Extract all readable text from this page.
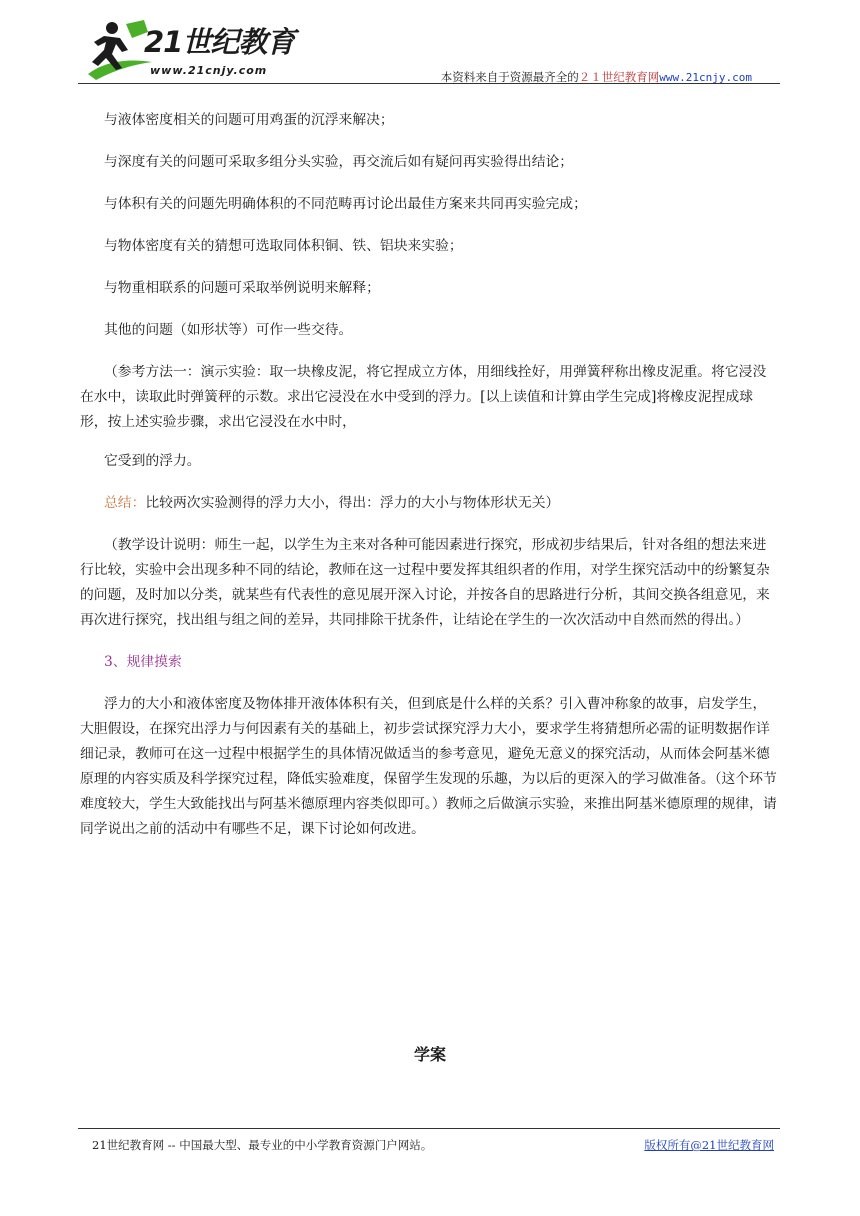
21世纪教育
www.21cnjy.com	本资料来自于资源最齐全的２１世纪教育网www.21cnjy.com

与液体密度相关的问题可用鸡蛋的沉浮来解决；

与深度有关的问题可采取多组分头实验，再交流后如有疑问再实验得出结论；

与体积有关的问题先明确体积的不同范畴再讨论出最佳方案来共同再实验完成；

与物体密度有关的猜想可选取同体积铜、铁、铝块来实验；

与物重相联系的问题可采取举例说明来解释；

其他的问题（如形状等）可作一些交待。

（参考方法一：演示实验：取一块橡皮泥，将它捏成立方体，用细线拴好，用弹簧秤称出橡皮泥重。将它浸没在水中，读取此时弹簧秤的示数。求出它浸没在水中受到的浮力。[以上读值和计算由学生完成]将橡皮泥捏成球形，按上述实验步骤，求出它浸没在水中时，

它受到的浮力。

总结：比较两次实验测得的浮力大小，得出：浮力的大小与物体形状无关）

（教学设计说明：师生一起，以学生为主来对各种可能因素进行探究，形成初步结果后，针对各组的想法来进行比较，实验中会出现多种不同的结论，教师在这一过程中要发挥其组织者的作用，对学生探究活动中的纷繁复杂的问题，及时加以分类，就某些有代表性的意见展开深入讨论，并按各自的思路进行分析，其间交换各组意见，来再次进行探究，找出组与组之间的差异，共同排除干扰条件，让结论在学生的一次次活动中自然而然的得出。）

3、规律摸索

浮力的大小和液体密度及物体排开液体体积有关，但到底是什么样的关系？引入曹冲称象的故事，启发学生，大胆假设，在探究出浮力与何因素有关的基础上，初步尝试探究浮力大小，要求学生将猜想所必需的证明数据作详细记录，教师可在这一过程中根据学生的具体情况做适当的参考意见，避免无意义的探究活动，从而体会阿基米德原理的内容实质及科学探究过程，降低实验难度，保留学生发现的乐趣，为以后的更深入的学习做准备。（这个环节难度较大，学生大致能找出与阿基米德原理内容类似即可。）教师之后做演示实验，来推出阿基米德原理的规律，请同学说出之前的活动中有哪些不足，课下讨论如何改进。

学案
21世纪教育网 -- 中国最大型、最专业的中小学教育资源门户网站。	版权所有@21世纪教育网
